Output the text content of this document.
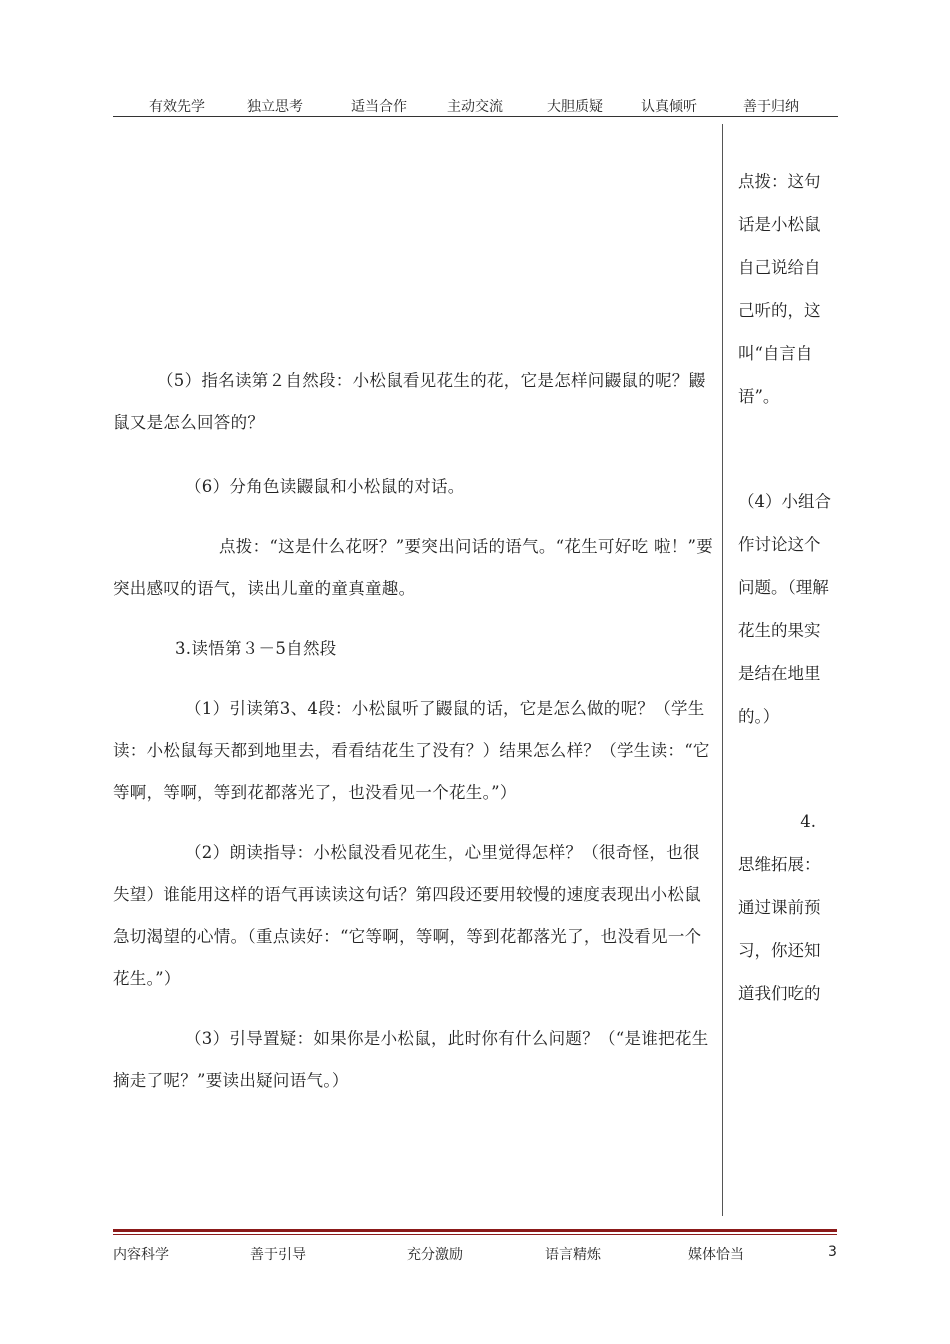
有效先学	独立思考	适当合作	主动交流	大胆质疑	认真倾听	善于归纳

（5）指名读第２自然段：小松鼠看见花生的花，它是怎样问鼹鼠的呢？鼹鼠又是怎么回答的？

（6）分角色读鼹鼠和小松鼠的对话。

点拨：“这是什么花呀？”要突出问话的语气。“花生可好吃 啦！”要突出感叹的语气，读出儿童的童真童趣。

3.读悟第３－5自然段

（1）引读第3、4段：小松鼠听了鼹鼠的话，它是怎么做的呢？（学生读：小松鼠每天都到地里去，看看结花生了没有？）结果怎么样？（学生读：“它等啊，等啊，等到花都落光了，也没看见一个花生。”）

（2）朗读指导：小松鼠没看见花生，心里觉得怎样？（很奇怪，也很失望）谁能用这样的语气再读读这句话？第四段还要用较慢的速度表现出小松鼠急切渴望的心情。（重点读好：“它等啊，等啊，等到花都落光了，也没看见一个花生。”）

（3）引导置疑：如果你是小松鼠，此时你有什么问题？（“是谁把花生摘走了呢？”要读出疑问语气。）

点拨：这句话是小松鼠自己说给自己听的，这叫“自言自语”。

（4）小组合作讨论这个问题。（理解花生的果实是结在地里的。）

4.

思维拓展：通过课前预习，你还知道我们吃的

内容科学	善于引导	充分激励	语言精炼	媒体恰当	3
